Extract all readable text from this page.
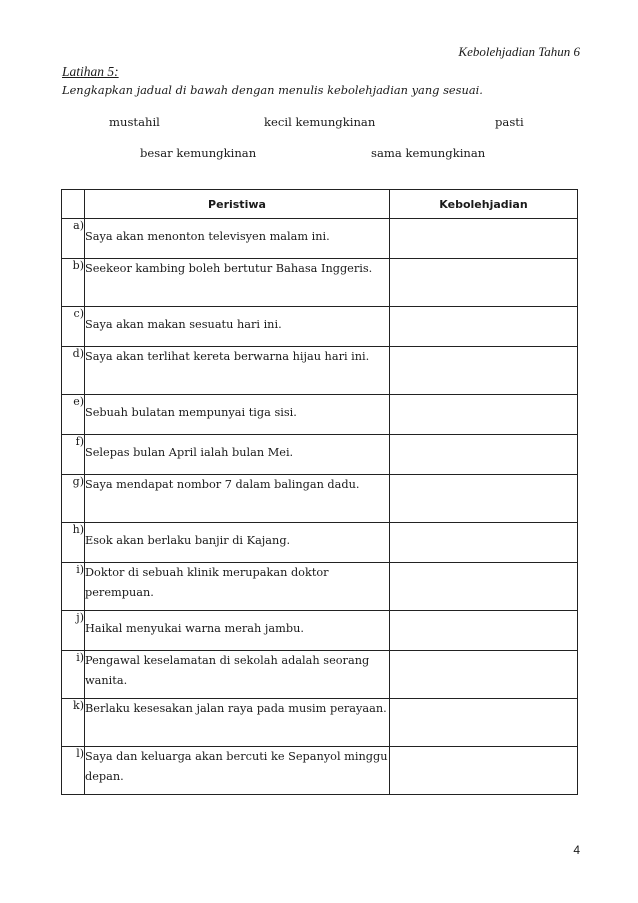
Kebolehjadian Tahun 6
Latihan 5:
Lengkapkan jadual di bawah dengan menulis kebolehjadian yang sesuai.
mustahil	kecil kemungkinan	pasti
besar kemungkinan	sama kemungkinan
	Peristiwa	Kebolehjadian
a)	Saya akan menonton televisyen malam ini.	
b)	Seekeor kambing boleh bertutur Bahasa Inggeris.	
c)	Saya akan makan sesuatu hari ini.	
d)	Saya akan terlihat kereta berwarna hijau hari ini.	
e)	Sebuah bulatan mempunyai tiga sisi.	
f)	Selepas bulan April ialah bulan Mei.	
g)	Saya mendapat nombor 7 dalam balingan dadu.	
h)	Esok akan berlaku banjir di Kajang.	
i)	Doktor di sebuah klinik merupakan doktor perempuan.	
j)	Haikal menyukai warna merah jambu.	
i)	Pengawal keselamatan di sekolah adalah seorang wanita.	
k)	Berlaku kesesakan jalan raya pada musim perayaan.	
l)	Saya dan keluarga akan bercuti ke Sepanyol minggu depan.	
4
